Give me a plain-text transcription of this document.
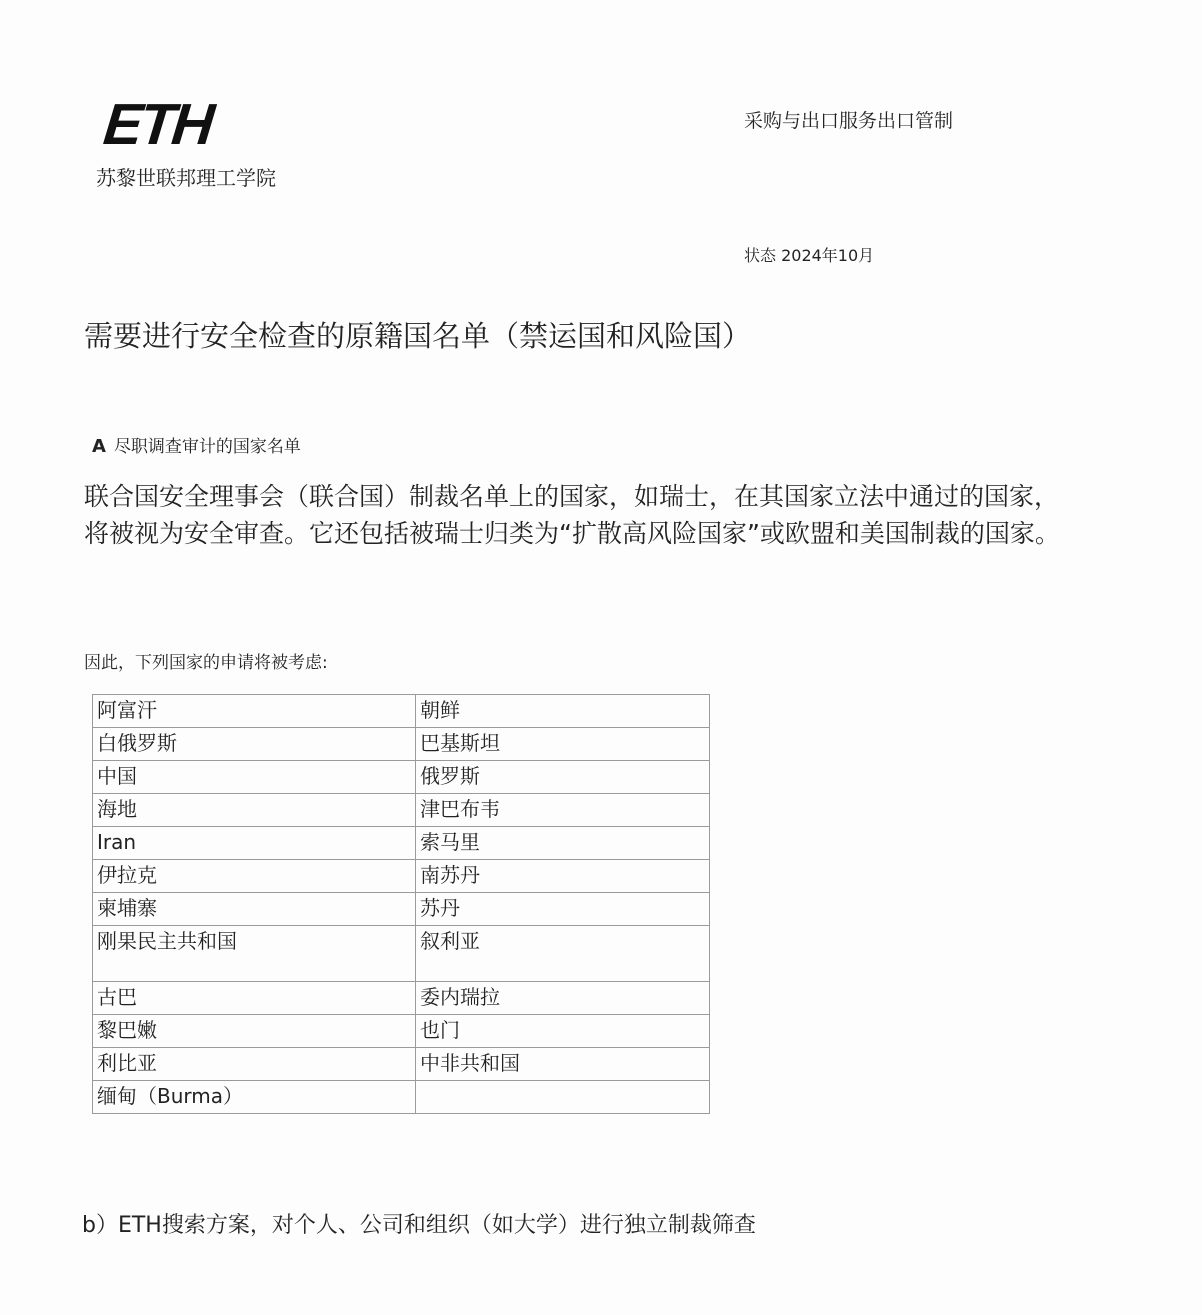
ETH
苏黎世联邦理工学院
采购与出口服务出口管制
状态 2024年10月
需要进行安全检查的原籍国名单（禁运国和风险国）
A 尽职调查审计的国家名单
联合国安全理事会（联合国）制裁名单上的国家，如瑞士，在其国家立法中通过的国家，将被视为安全审查。它还包括被瑞士归类为“扩散高风险国家”或欧盟和美国制裁的国家。
因此，下列国家的申请将被考虑:
阿富汗	朝鲜
白俄罗斯	巴基斯坦
中国	俄罗斯
海地	津巴布韦
Iran	索马里
伊拉克	南苏丹
柬埔寨	苏丹
刚果民主共和国	叙利亚
古巴	委内瑞拉
黎巴嫩	也门
利比亚	中非共和国
缅甸（Burma）	
b）ETH搜索方案，对个人、公司和组织（如大学）进行独立制裁筛查
